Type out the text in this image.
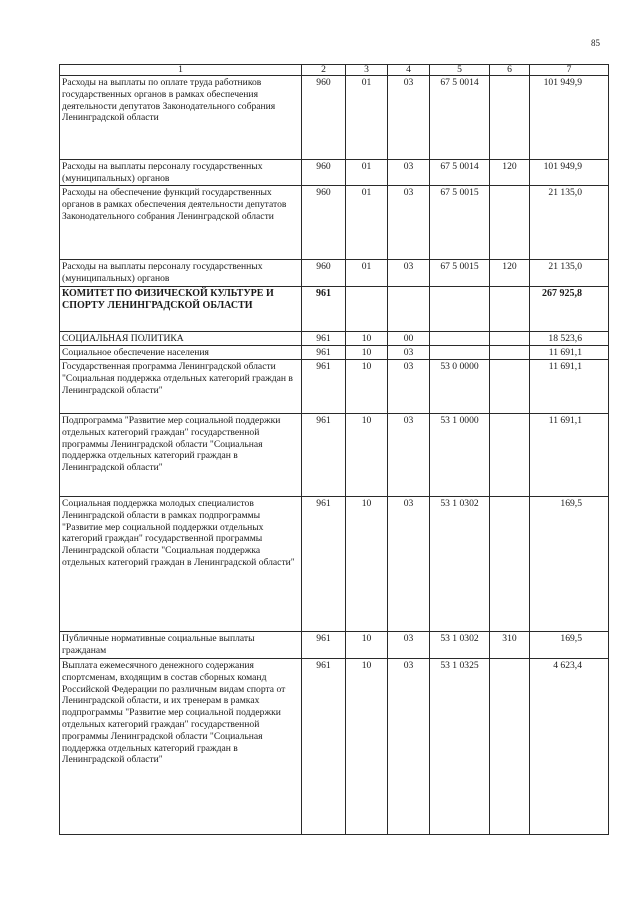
85
1	2	3	4	5	6	7
Расходы на выплаты по оплате труда работников государственных органов в рамках обеспечения деятельности депутатов Законодательного собрания Ленинградской области	960	01	03	67 5 0014		101 949,9
Расходы на выплаты персоналу государственных (муниципальных) органов	960	01	03	67 5 0014	120	101 949,9
Расходы на обеспечение функций государственных органов в рамках обеспечения деятельности депутатов Законодательного собрания Ленинградской области	960	01	03	67 5 0015		21 135,0
Расходы на выплаты персоналу государственных (муниципальных) органов	960	01	03	67 5 0015	120	21 135,0
КОМИТЕТ ПО ФИЗИЧЕСКОЙ КУЛЬТУРЕ И СПОРТУ ЛЕНИНГРАДСКОЙ ОБЛАСТИ	961					267 925,8
СОЦИАЛЬНАЯ ПОЛИТИКА	961	10	00			18 523,6
Социальное обеспечение населения	961	10	03			11 691,1
Государственная программа Ленинградской области "Социальная поддержка отдельных категорий граждан в Ленинградской области"	961	10	03	53 0 0000		11 691,1
Подпрограмма "Развитие мер социальной поддержки отдельных категорий граждан" государственной программы Ленинградской области "Социальная поддержка отдельных категорий граждан в Ленинградской области"	961	10	03	53 1 0000		11 691,1
Социальная поддержка молодых специалистов Ленинградской области в рамках подпрограммы "Развитие мер социальной поддержки отдельных категорий граждан" государственной программы Ленинградской области "Социальная поддержка отдельных категорий граждан в Ленинградской области"	961	10	03	53 1 0302		169,5
Публичные нормативные социальные выплаты гражданам	961	10	03	53 1 0302	310	169,5
Выплата ежемесячного денежного содержания спортсменам, входящим в состав сборных команд Российской Федерации по различным видам спорта от Ленинградской области, и их тренерам в рамках подпрограммы "Развитие мер социальной поддержки отдельных категорий граждан" государственной программы Ленинградской области "Социальная поддержка отдельных категорий граждан в Ленинградской области"	961	10	03	53 1 0325		4 623,4
